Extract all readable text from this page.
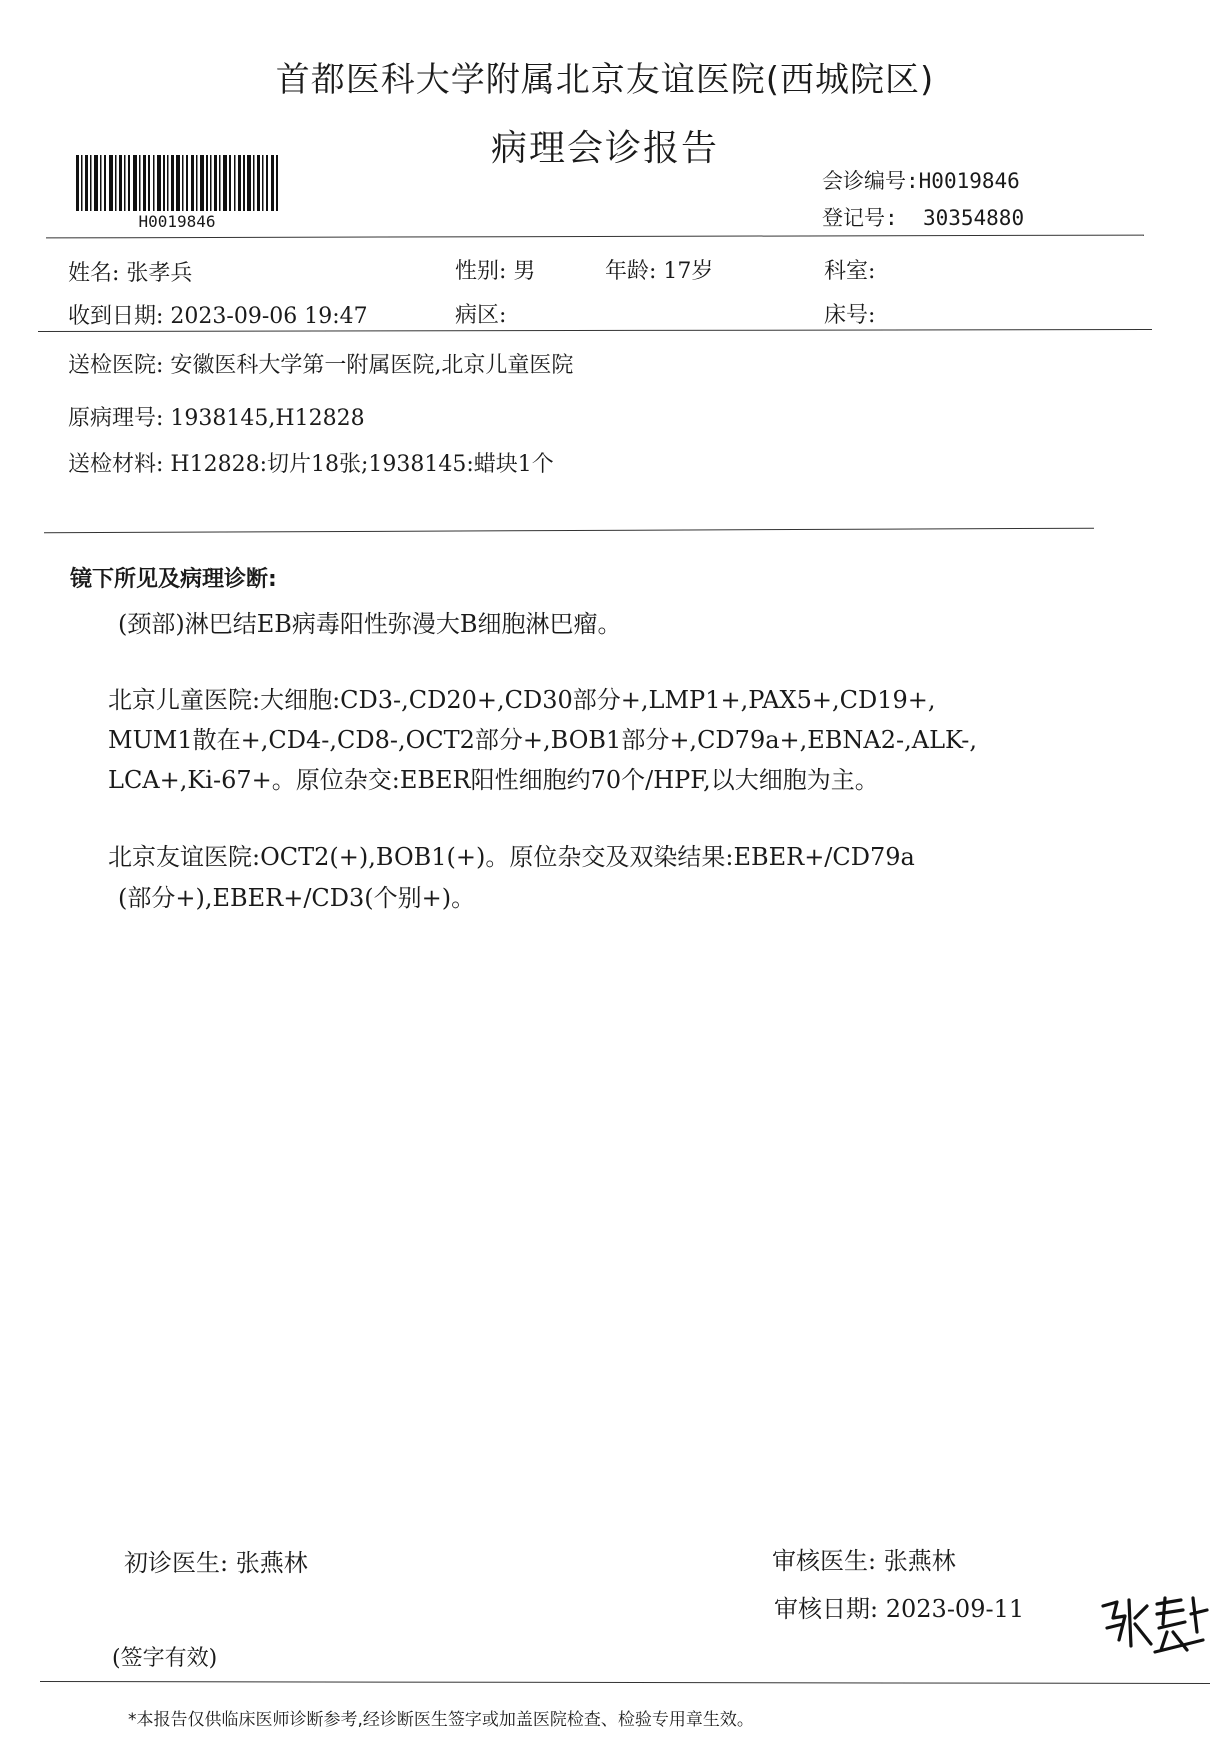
首都医科大学附属北京友谊医院(西城院区)
病理会诊报告
H0019846
会诊编号:H0019846
登记号: 30354880
姓名: 张孝兵	性别: 男	年龄: 17岁	科室:
收到日期: 2023-09-06 19:47	病区:	床号:
送检医院: 安徽医科大学第一附属医院,北京儿童医院
原病理号: 1938145,H12828
送检材料: H12828:切片18张;1938145:蜡块1个
镜下所见及病理诊断:
(颈部)淋巴结EB病毒阳性弥漫大B细胞淋巴瘤。
北京儿童医院:大细胞:CD3-,CD20+,CD30部分+,LMP1+,PAX5+,CD19+,
MUM1散在+,CD4-,CD8-,OCT2部分+,BOB1部分+,CD79a+,EBNA2-,ALK-,
LCA+,Ki-67+。原位杂交:EBER阳性细胞约70个/HPF,以大细胞为主。
北京友谊医院:OCT2(+),BOB1(+)。原位杂交及双染结果:EBER+/CD79a
(部分+),EBER+/CD3(个别+)。
初诊医生: 张燕林	审核医生: 张燕林
审核日期: 2023-09-11
(签字有效)
*本报告仅供临床医师诊断参考,经诊断医生签字或加盖医院检查、检验专用章生效。
